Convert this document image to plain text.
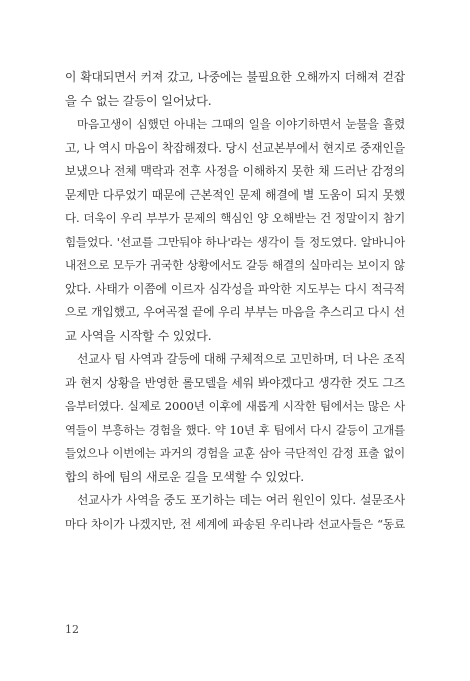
이 확대되면서 커져 갔고, 나중에는 불필요한 오해까지 더해져 걷잡
을 수 없는 갈등이 일어났다.
마음고생이 심했던 아내는 그때의 일을 이야기하면서 눈물을 흘렸
고, 나 역시 마음이 착잡해졌다. 당시 선교본부에서 현지로 중재인을
보냈으나 전체 맥락과 전후 사정을 이해하지 못한 채 드러난 감정의
문제만 다루었기 때문에 근본적인 문제 해결에 별 도움이 되지 못했
다. 더욱이 우리 부부가 문제의 핵심인 양 오해받는 건 정말이지 참기
힘들었다. '선교를 그만둬야 하나'라는 생각이 들 정도였다. 알바니아
내전으로 모두가 귀국한 상황에서도 갈등 해결의 실마리는 보이지 않
았다. 사태가 이쯤에 이르자 심각성을 파악한 지도부는 다시 적극적
으로 개입했고, 우여곡절 끝에 우리 부부는 마음을 추스리고 다시 선
교 사역을 시작할 수 있었다.
선교사 팀 사역과 갈등에 대해 구체적으로 고민하며, 더 나은 조직
과 현지 상황을 반영한 롤모델을 세워 봐야겠다고 생각한 것도 그즈
음부터였다. 실제로 2000년 이후에 새롭게 시작한 팀에서는 많은 사
역들이 부흥하는 경험을 했다. 약 10년 후 팀에서 다시 갈등이 고개를
들었으나 이번에는 과거의 경험을 교훈 삼아 극단적인 감정 표출 없이
합의 하에 팀의 새로운 길을 모색할 수 있었다.
선교사가 사역을 중도 포기하는 데는 여러 원인이 있다. 설문조사
마다 차이가 나겠지만, 전 세계에 파송된 우리나라 선교사들은 “동료
12
